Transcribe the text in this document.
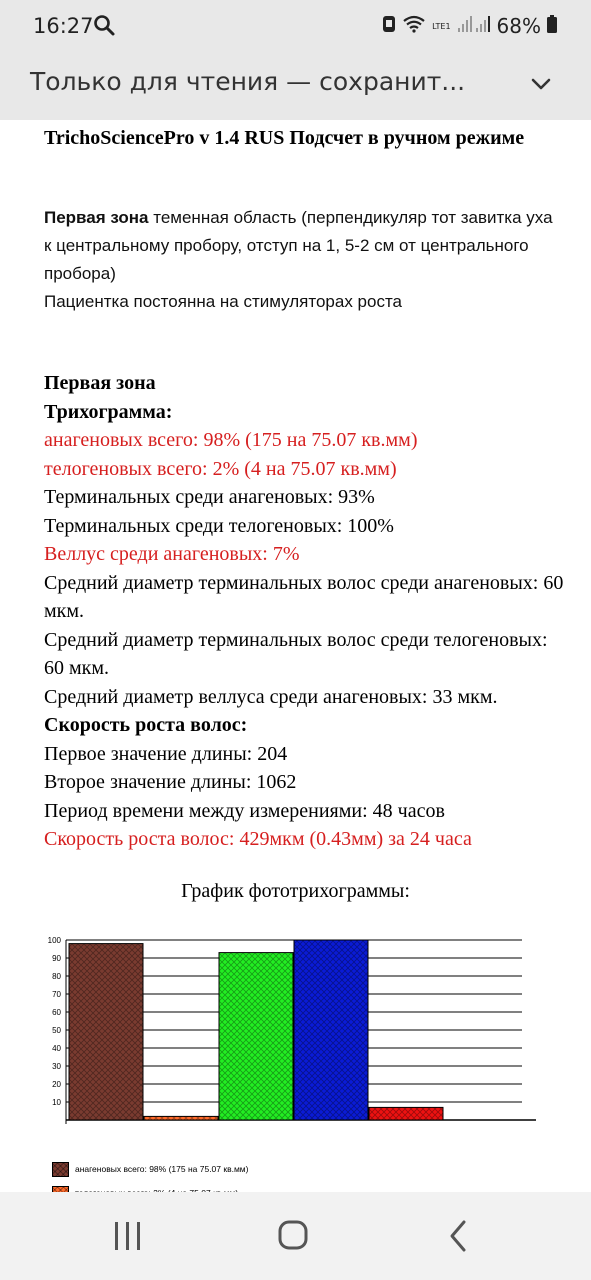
16:27	LTE1 68%
Только для чтения — сохранит...
TrichoSciencePro v 1.4 RUS Подсчет в ручном режиме
Первая зона теменная область (перпендикуляр тот завитка уха к центральному пробору, отступ на 1, 5-2 см от центрального пробора)
Пациентка постоянна на стимуляторах роста
Первая зона
Трихограмма:
анагеновых всего: 98% (175 на 75.07 кв.мм)
телогеновых всего: 2% (4 на 75.07 кв.мм)
Терминальных среди анагеновых: 93%
Терминальных среди телогеновых: 100%
Веллус среди анагеновых: 7%
Средний диаметр терминальных волос среди анагеновых: 60 мкм.
Средний диаметр терминальных волос среди телогеновых: 60 мкм.
Средний диаметр веллуса среди анагеновых: 33 мкм.
Скорость роста волос:
Первое значение длины: 204
Второе значение длины: 1062
Период времени между измерениями: 48 часов
Скорость роста волос: 429мкм (0.43мм) за 24 часа
График фототрихограммы:
10
20
30
40
50
60
70
80
90
100
анагеновых всего: 98% (175 на 75.07 кв.мм)
